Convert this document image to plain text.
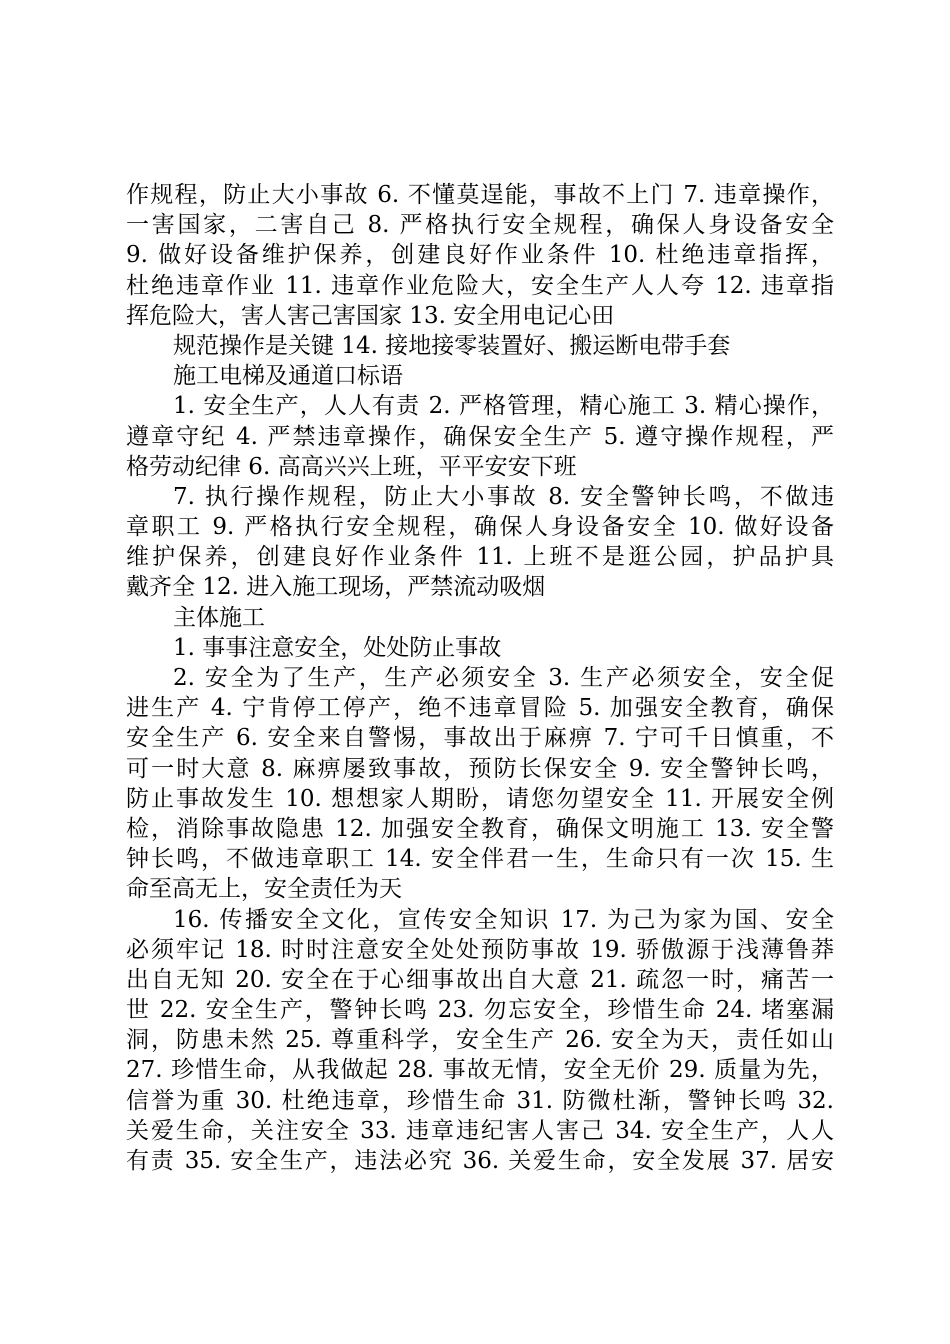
作规程，防止大小事故 6. 不懂莫逞能，事故不上门 7. 违章操作，
一害国家，二害自己 8. 严格执行安全规程，确保人身设备安全
9. 做好设备维护保养，创建良好作业条件 10. 杜绝违章指挥，
杜绝违章作业 11. 违章作业危险大，安全生产人人夸 12. 违章指
挥危险大，害人害己害国家 13. 安全用电记心田
规范操作是关键 14. 接地接零装置好、搬运断电带手套
施工电梯及通道口标语
1. 安全生产，人人有责 2. 严格管理，精心施工 3. 精心操作，
遵章守纪 4. 严禁违章操作，确保安全生产 5. 遵守操作规程，严
格劳动纪律 6. 高高兴兴上班，平平安安下班
7. 执行操作规程，防止大小事故 8. 安全警钟长鸣，不做违
章职工 9. 严格执行安全规程，确保人身设备安全 10. 做好设备
维护保养，创建良好作业条件 11. 上班不是逛公园，护品护具
戴齐全 12. 进入施工现场，严禁流动吸烟
主体施工
1. 事事注意安全，处处防止事故
2. 安全为了生产，生产必须安全 3. 生产必须安全，安全促
进生产 4. 宁肯停工停产，绝不违章冒险 5. 加强安全教育，确保
安全生产 6. 安全来自警惕，事故出于麻痹 7. 宁可千日慎重，不
可一时大意 8. 麻痹屡致事故，预防长保安全 9. 安全警钟长鸣，
防止事故发生 10. 想想家人期盼，请您勿望安全 11. 开展安全例
检，消除事故隐患 12. 加强安全教育，确保文明施工 13. 安全警
钟长鸣，不做违章职工 14. 安全伴君一生，生命只有一次 15. 生
命至高无上，安全责任为天
16. 传播安全文化，宣传安全知识 17. 为己为家为国、安全
必须牢记 18. 时时注意安全处处预防事故 19. 骄傲源于浅薄鲁莽
出自无知 20. 安全在于心细事故出自大意 21. 疏忽一时，痛苦一
世 22. 安全生产，警钟长鸣 23. 勿忘安全，珍惜生命 24. 堵塞漏
洞，防患未然 25. 尊重科学，安全生产 26. 安全为天，责任如山
27. 珍惜生命，从我做起 28. 事故无情，安全无价 29. 质量为先，
信誉为重 30. 杜绝违章，珍惜生命 31. 防微杜渐，警钟长鸣 32.
关爱生命，关注安全 33. 违章违纪害人害己 34. 安全生产，人人
有责 35. 安全生产，违法必究 36. 关爱生命，安全发展 37. 居安
